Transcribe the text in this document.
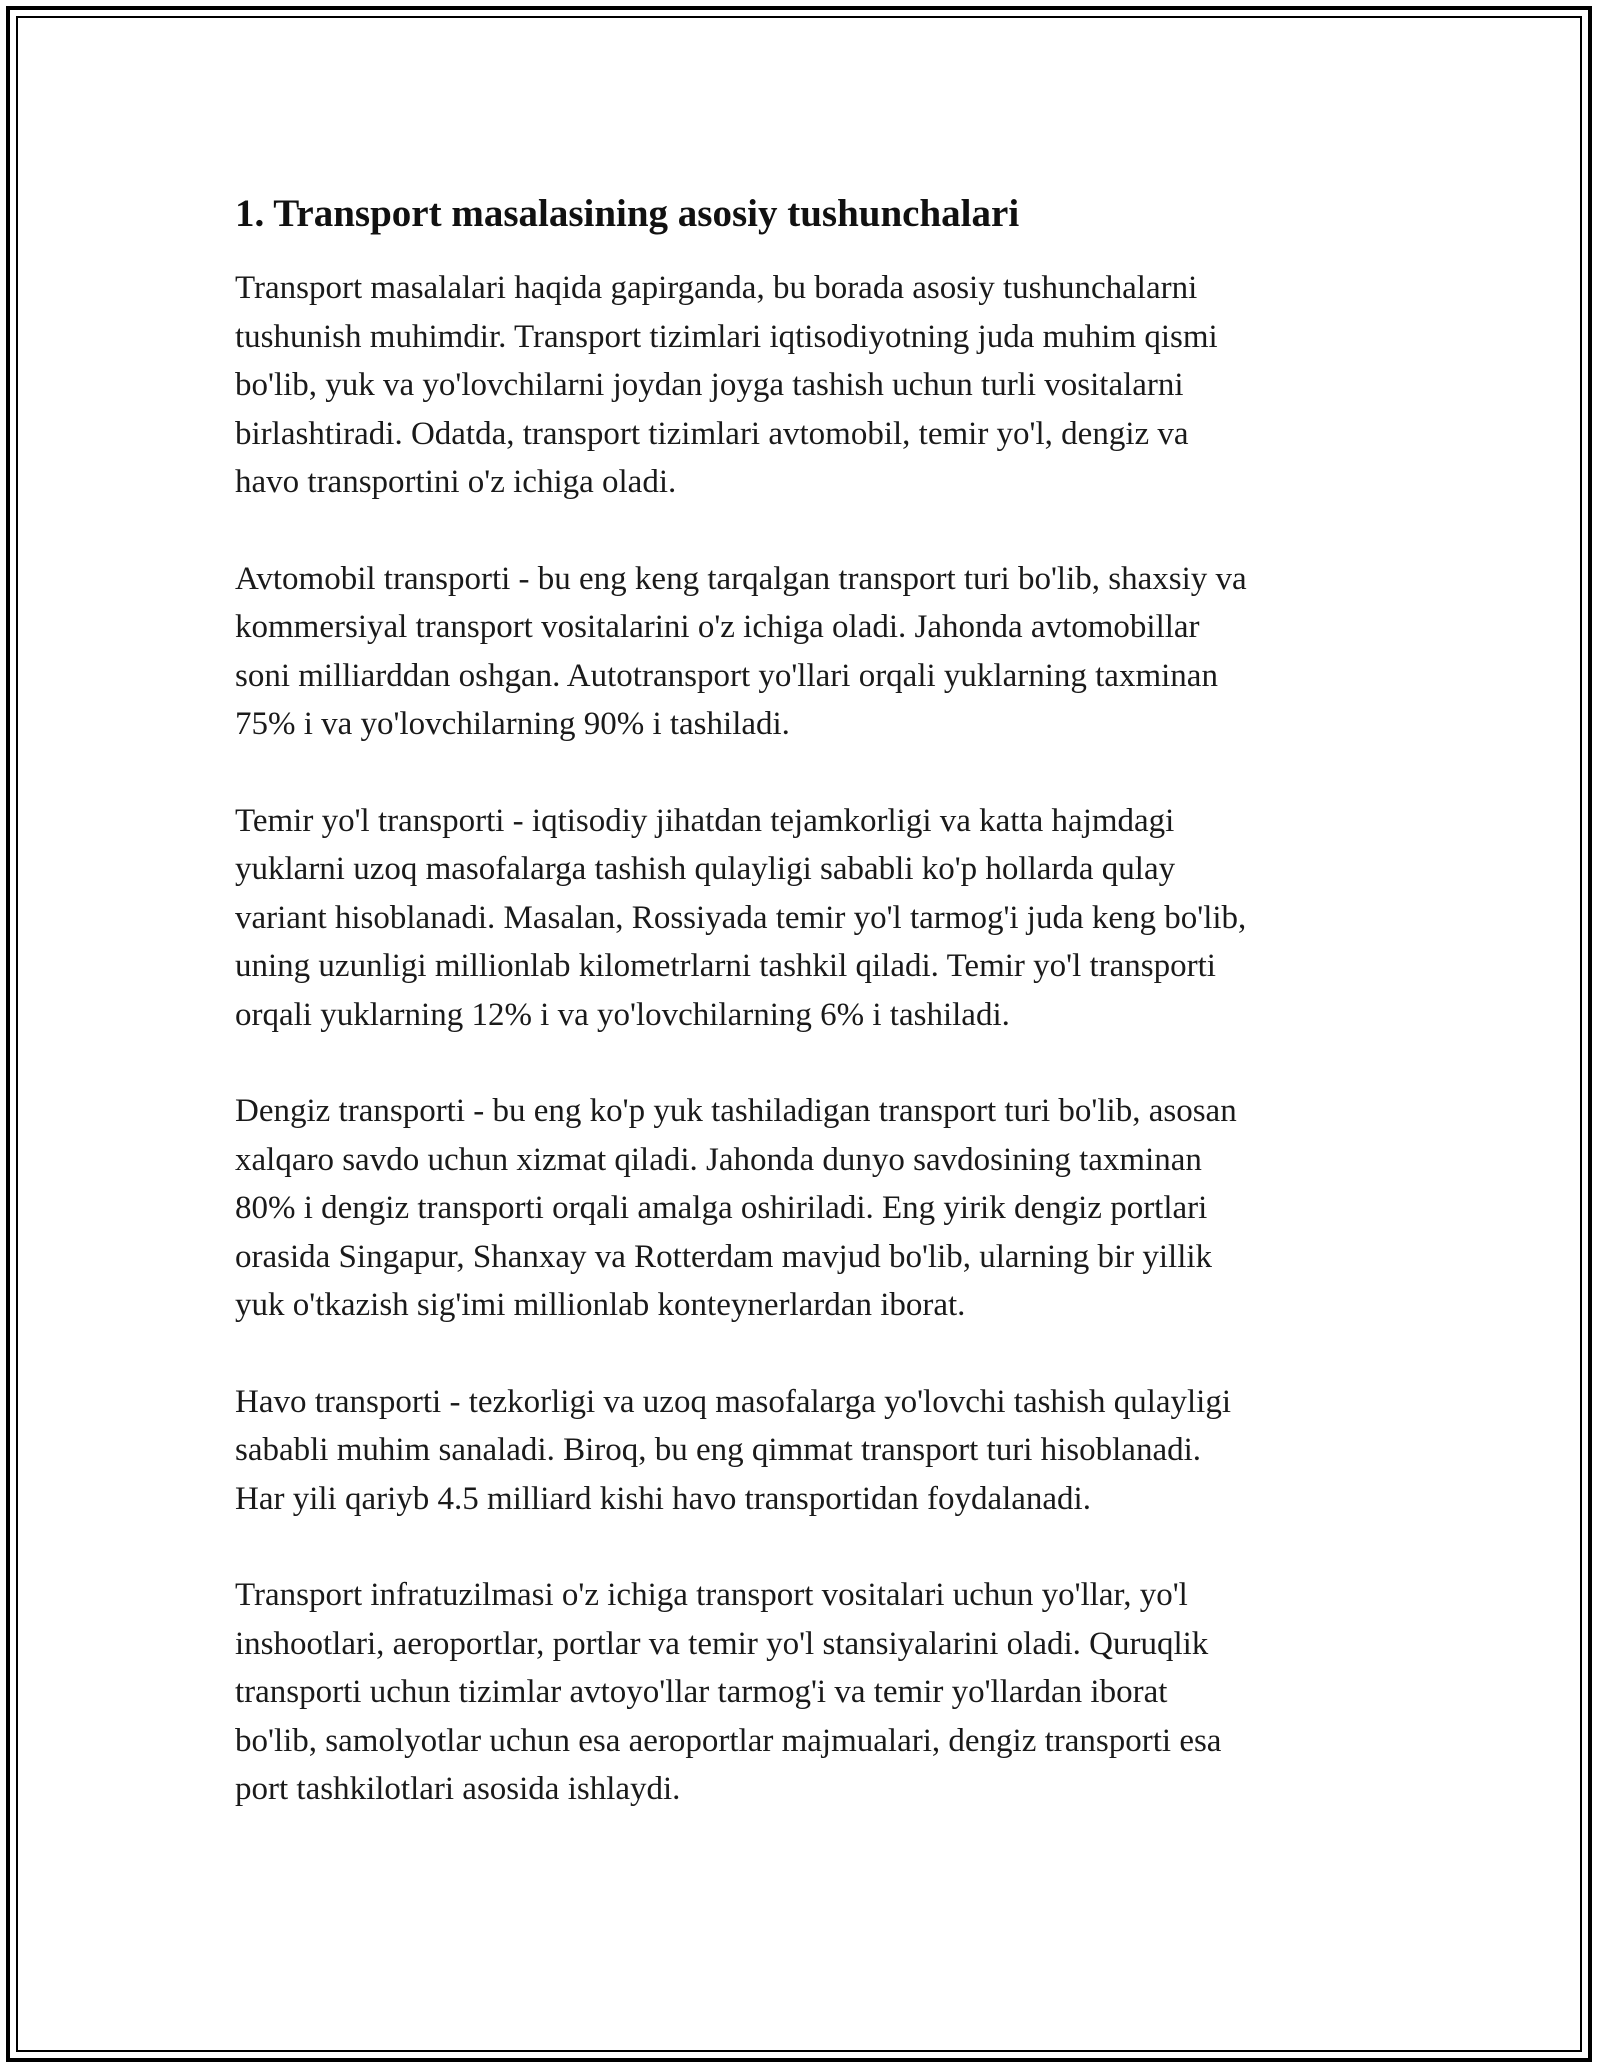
1. Transport masalasining asosiy tushunchalari
Transport masalalari haqida gapirganda, bu borada asosiy tushunchalarni
tushunish muhimdir. Transport tizimlari iqtisodiyotning juda muhim qismi
bo'lib, yuk va yo'lovchilarni joydan joyga tashish uchun turli vositalarni
birlashtiradi. Odatda, transport tizimlari avtomobil, temir yo'l, dengiz va
havo transportini o'z ichiga oladi.
Avtomobil transporti - bu eng keng tarqalgan transport turi bo'lib, shaxsiy va
kommersiyal transport vositalarini o'z ichiga oladi. Jahonda avtomobillar
soni milliarddan oshgan. Autotransport yo'llari orqali yuklarning taxminan
75% i va yo'lovchilarning 90% i tashiladi.
Temir yo'l transporti - iqtisodiy jihatdan tejamkorligi va katta hajmdagi
yuklarni uzoq masofalarga tashish qulayligi sababli ko'p hollarda qulay
variant hisoblanadi. Masalan, Rossiyada temir yo'l tarmog'i juda keng bo'lib,
uning uzunligi millionlab kilometrlarni tashkil qiladi. Temir yo'l transporti
orqali yuklarning 12% i va yo'lovchilarning 6% i tashiladi.
Dengiz transporti - bu eng ko'p yuk tashiladigan transport turi bo'lib, asosan
xalqaro savdo uchun xizmat qiladi. Jahonda dunyo savdosining taxminan
80% i dengiz transporti orqali amalga oshiriladi. Eng yirik dengiz portlari
orasida Singapur, Shanxay va Rotterdam mavjud bo'lib, ularning bir yillik
yuk o'tkazish sig'imi millionlab konteynerlardan iborat.
Havo transporti - tezkorligi va uzoq masofalarga yo'lovchi tashish qulayligi
sababli muhim sanaladi. Biroq, bu eng qimmat transport turi hisoblanadi.
Har yili qariyb 4.5 milliard kishi havo transportidan foydalanadi.
Transport infratuzilmasi o'z ichiga transport vositalari uchun yo'llar, yo'l
inshootlari, aeroportlar, portlar va temir yo'l stansiyalarini oladi. Quruqlik
transporti uchun tizimlar avtoyo'llar tarmog'i va temir yo'llardan iborat
bo'lib, samolyotlar uchun esa aeroportlar majmualari, dengiz transporti esa
port tashkilotlari asosida ishlaydi.
